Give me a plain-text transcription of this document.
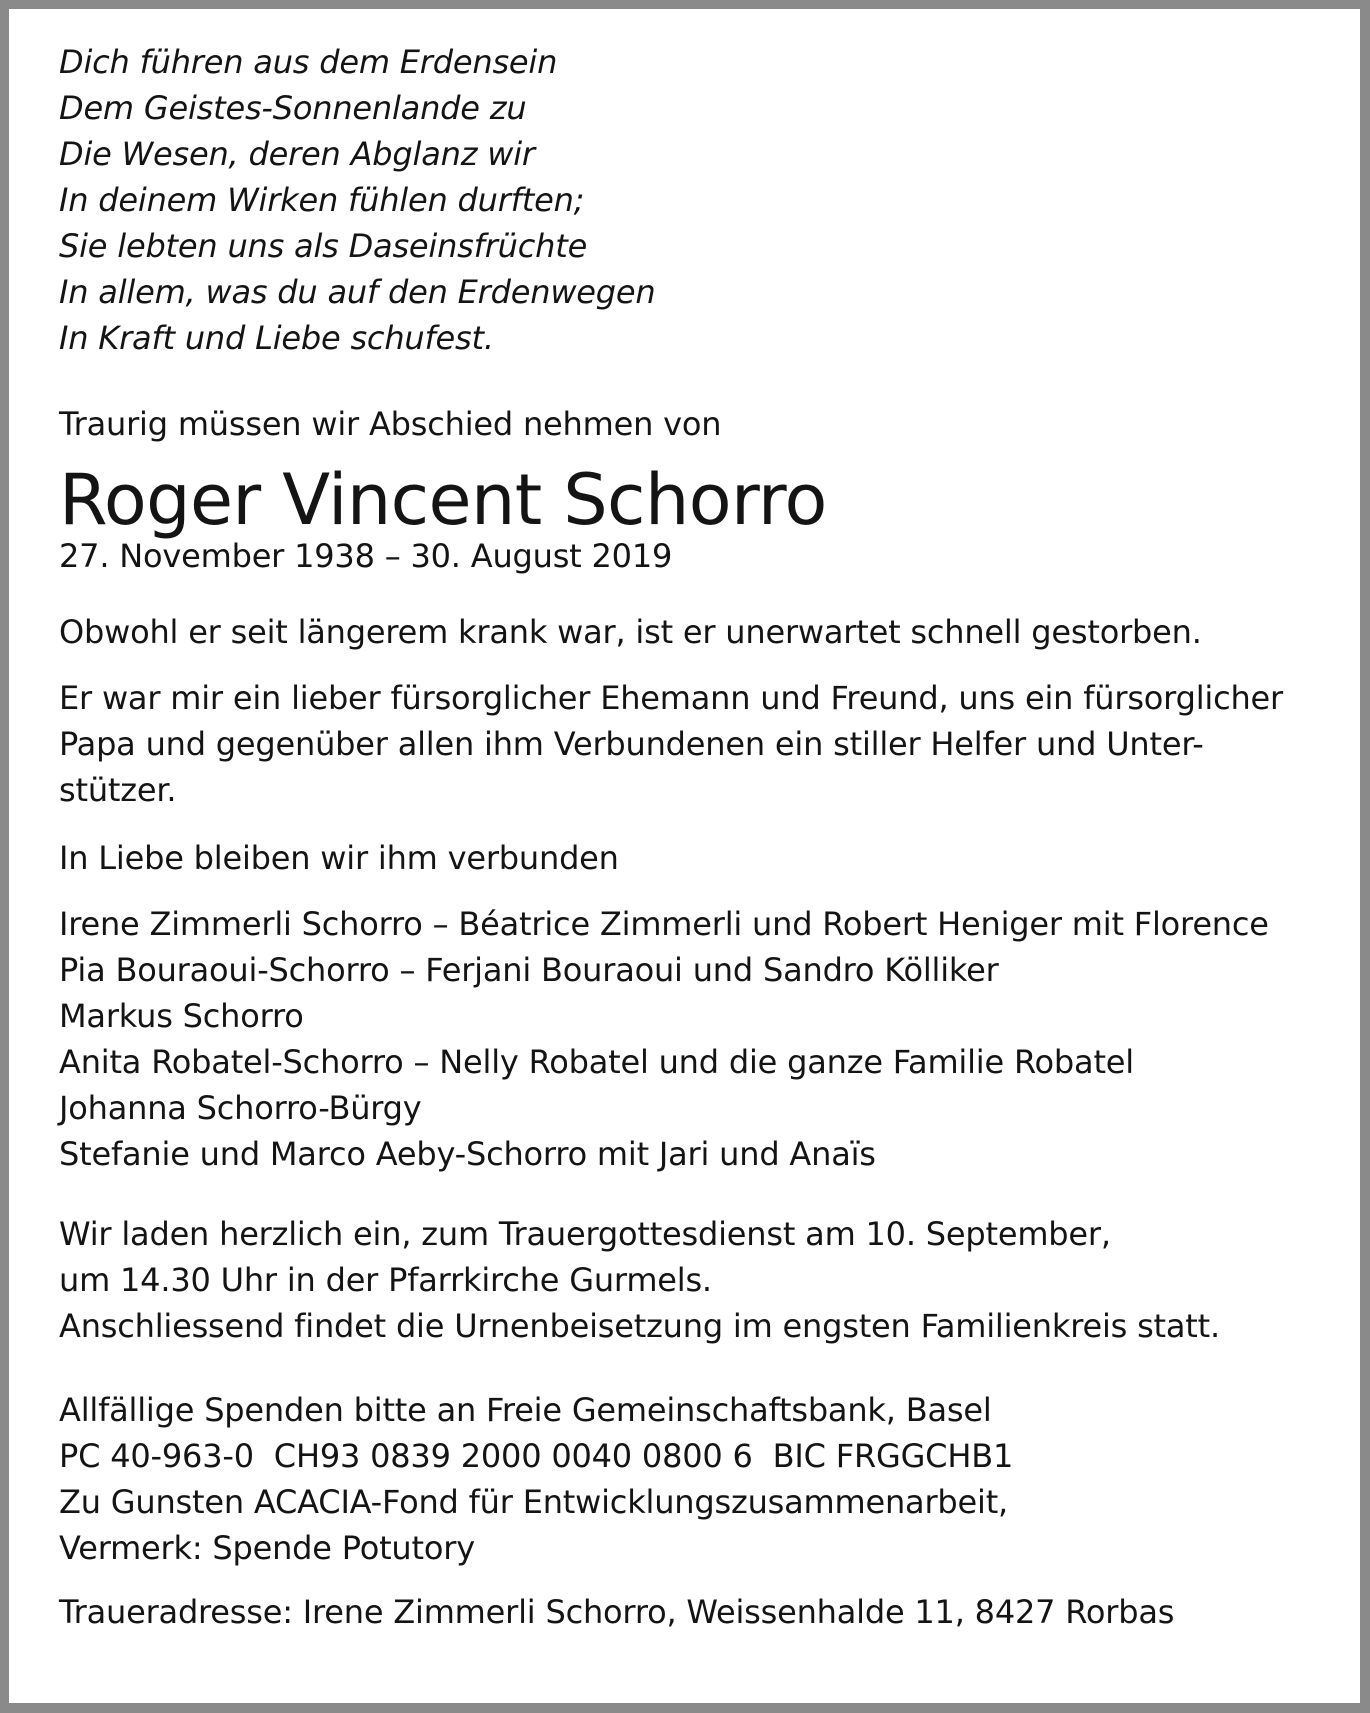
Dich führen aus dem Erdensein

Dem Geistes-Sonnenlande zu

Die Wesen, deren Abglanz wir

In deinem Wirken fühlen durften;

Sie lebten uns als Daseinsfrüchte

In allem, was du auf den Erdenwegen

In Kraft und Liebe schufest.

Traurig müssen wir Abschied nehmen von

Roger Vincent Schorro

27. November 1938 – 30. August 2019

Obwohl er seit längerem krank war, ist er unerwartet schnell gestorben.

Er war mir ein lieber fürsorglicher Ehemann und Freund, uns ein fürsorglicher

Papa und gegenüber allen ihm Verbundenen ein stiller Helfer und Unter-

stützer.

In Liebe bleiben wir ihm verbunden

Irene Zimmerli Schorro – Béatrice Zimmerli und Robert Heniger mit Florence

Pia Bouraoui-Schorro – Ferjani Bouraoui und Sandro Kölliker

Markus Schorro

Anita Robatel-Schorro – Nelly Robatel und die ganze Familie Robatel

Johanna Schorro-Bürgy

Stefanie und Marco Aeby-Schorro mit Jari und Anaïs

Wir laden herzlich ein, zum Trauergottesdienst am 10. September,

um 14.30 Uhr in der Pfarrkirche Gurmels.

Anschliessend findet die Urnenbeisetzung im engsten Familienkreis statt.

Allfällige Spenden bitte an Freie Gemeinschaftsbank, Basel

PC 40-963-0  CH93 0839 2000 0040 0800 6  BIC FRGGCHB1

Zu Gunsten ACACIA-Fond für Entwicklungszusammenarbeit,

Vermerk: Spende Potutory

Traueradresse: Irene Zimmerli Schorro, Weissenhalde 11, 8427 Rorbas
